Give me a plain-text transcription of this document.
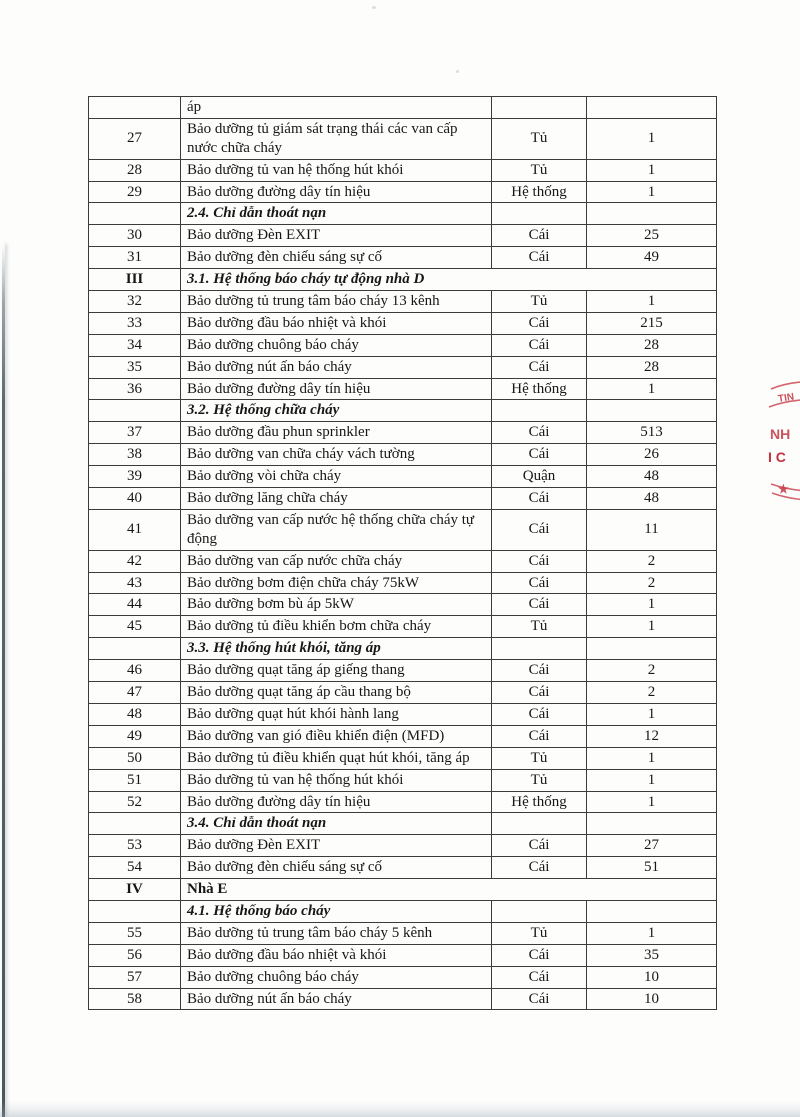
	áp		
27	Bảo dưỡng tủ giám sát trạng thái các van cấp nước chữa cháy	Tủ	1
28	Bảo dưỡng tủ van hệ thống hút khói	Tủ	1
29	Bảo dưỡng đường dây tín hiệu	Hệ thống	1
	2.4. Chỉ dẫn thoát nạn		
30	Bảo dưỡng Đèn EXIT	Cái	25
31	Bảo dưỡng đèn chiếu sáng sự cố	Cái	49
III	3.1. Hệ thống báo cháy tự động nhà D		
32	Bảo dưỡng tủ trung tâm báo cháy 13 kênh	Tủ	1
33	Bảo dưỡng đầu báo nhiệt và khói	Cái	215
34	Bảo dưỡng chuông báo cháy	Cái	28
35	Bảo dưỡng nút ấn báo cháy	Cái	28
36	Bảo dưỡng đường dây tín hiệu	Hệ thống	1
	3.2. Hệ thống chữa cháy		
37	Bảo dưỡng đầu phun sprinkler	Cái	513
38	Bảo dưỡng van chữa cháy vách tường	Cái	26
39	Bảo dưỡng vòi chữa cháy	Quận	48
40	Bảo dưỡng lăng chữa cháy	Cái	48
41	Bảo dưỡng van cấp nước hệ thống chữa cháy tự động	Cái	11
42	Bảo dưỡng van cấp nước chữa cháy	Cái	2
43	Bảo dưỡng bơm điện chữa cháy 75kW	Cái	2
44	Bảo dưỡng bơm bù áp 5kW	Cái	1
45	Bảo dưỡng tủ điều khiển bơm chữa cháy	Tủ	1
	3.3. Hệ thống hút khói, tăng áp		
46	Bảo dưỡng quạt tăng áp giếng thang	Cái	2
47	Bảo dưỡng quạt tăng áp cầu thang bộ	Cái	2
48	Bảo dưỡng quạt hút khói hành lang	Cái	1
49	Bảo dưỡng van gió điều khiển điện (MFD)	Cái	12
50	Bảo dưỡng tủ điều khiển quạt hút khói, tăng áp	Tủ	1
51	Bảo dưỡng tủ van hệ thống hút khói	Tủ	1
52	Bảo dưỡng đường dây tín hiệu	Hệ thống	1
	3.4. Chỉ dẫn thoát nạn		
53	Bảo dưỡng Đèn EXIT	Cái	27
54	Bảo dưỡng đèn chiếu sáng sự cố	Cái	51
IV	Nhà E		
	4.1. Hệ thống báo cháy		
55	Bảo dưỡng tủ trung tâm báo cháy 5 kênh	Tủ	1
56	Bảo dưỡng đầu báo nhiệt và khói	Cái	35
57	Bảo dưỡng chuông báo cháy	Cái	10
58	Bảo dưỡng nút ấn báo cháy	Cái	10
TIN
NH
I C
★
